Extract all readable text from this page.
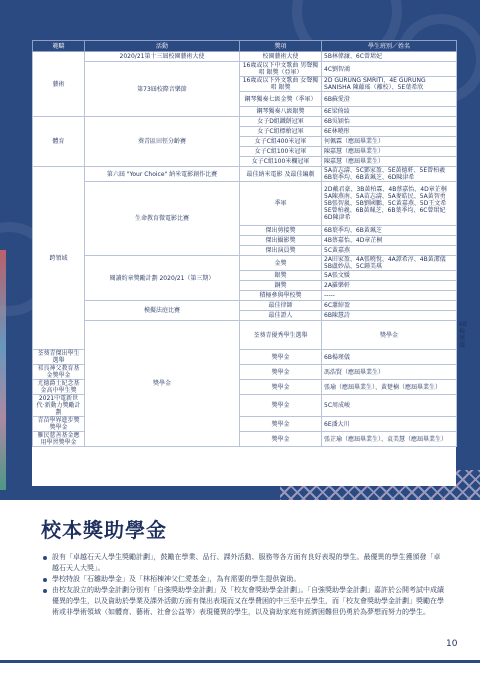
範疇	活動	獎項	學生班別／姓名	
藝術	2020/21第十三屆校園藝術大使	校園藝術大使	5B林偉濂、6C曾珺妃	
	第73屆校際音樂節	16歲或以下中文歌曲 男聲獨唱 銀獎（亞軍）	4C劉智鴻	
		16歲或以下外文歌曲 女聲獨唱 銀獎	2D GURUNG SMRITI、4E GURUNG SANISHA 陳蘊瑤（離校）、5E葉希欣	
		鋼琴獨奏七級金獎（季軍）	6B蘇愛澄	
		鋼琴獨奏八級銀獎	6E梁倚綾	
體育	葵青區田徑分齡賽	女子D組鐵餅冠軍	6B吳穎怡	
		女子C組標槍冠軍	6E林曉彤	
		女子C組400米冠軍	何佩霖（應屆畢業生）	
		女子C組100米冠軍	陳嘉慧（應屆畢業生）	
		女子C組100米欄冠軍	陳嘉慧（應屆畢業生）	
跨領域	第六屆 "Your Choice" 納米電影創作比賽	最佳納米電影 及最佳編劇	5A苗志濤、5C鄧家盈、5E黃德軒、5E曾柏羲 6B葉季均、6B黃珮芝、6D陳津希	
	生命教育微電影比賽	季軍	2D戴君豪、3B黃柏霖、4B蔡嘉怡、4D章芷桐 5A陳燕南、5A苗志濤、5A麥皓民、5A黃智勇 5B張智嵐、5B劉國鵬、5C黃嘉燕、5D王文希 5E曾柏羲、6B黃珮芝、6B葉季均、6C曾珺妃 6D陳津希	
		傑出剪接獎	6B葉季均、6B黃珮芝	
		傑出攝影獎	4B蔡嘉怡、4D章芷桐	
		傑出演員獎	5C黃嘉燕	
	閱讀約章獎勵計劃 2020/21（第三期）	金獎	2A田家盈、4A張曉悅、4A譚希淳、4B黃潔儀 5B盧妙晶、5C鍾美琪	
		銀獎	5A張文媛	
		銅獎	2A羅樂軒	
		積極參與學校獎	-----	
	模擬法庭比賽	最佳律師	6C蕭綽盈	
		最佳證人	6B陳慧詩	
	獎學金	荃葵青優秀學生選舉	獎學金	
荃葵青傑出學生選舉		獎學金	6B楊瑾儀	
祁良神父教育基金獎學金		獎學金	馮浩賢（應屆畢業生）	
尤德爵士紀念基金高中學生獎		獎學金	張瑜（應屆畢業生）、黃楚楠（應屆畢業生）	
2021中電新世代‧新動力獎勵計劃		獎學金	5C周成峻	
青苗學界進步獎獎學金		獎學金	6E潘大川	
雁民慈善基金應用學習獎學金		獎學金	張芷瑜（應屆畢業生）、袁美慧（應屆畢業生）	
校本獎助學金
設有「卓越石天人學生獎勵計劃」，鼓勵在學業、品行、課外活動、服務等各方面有良好表現的學生。最優異的學生獲頒發「卓越石天人大獎」。
學校特設「石雛助學金」及「林栢棟神父仁愛基金」，為有需要的學生提供資助。
由校友設立的助學金計劃分別有「自強獎助學金計劃」及「校友會獎助學金計劃」。「自強獎助學金計劃」嘉許於公開考試中成績優異的學生，以及資助於學業及課外活動方面有傑出表現而又在學費困的中三至中五學生，而「校友會獎助學金計劃」獎勵在學術或非學術領域（如體育、藝術、社會公益等）表現優異的學生，以及資助家庭有經濟困難但仍勇於為夢想而努力的學生。
10
